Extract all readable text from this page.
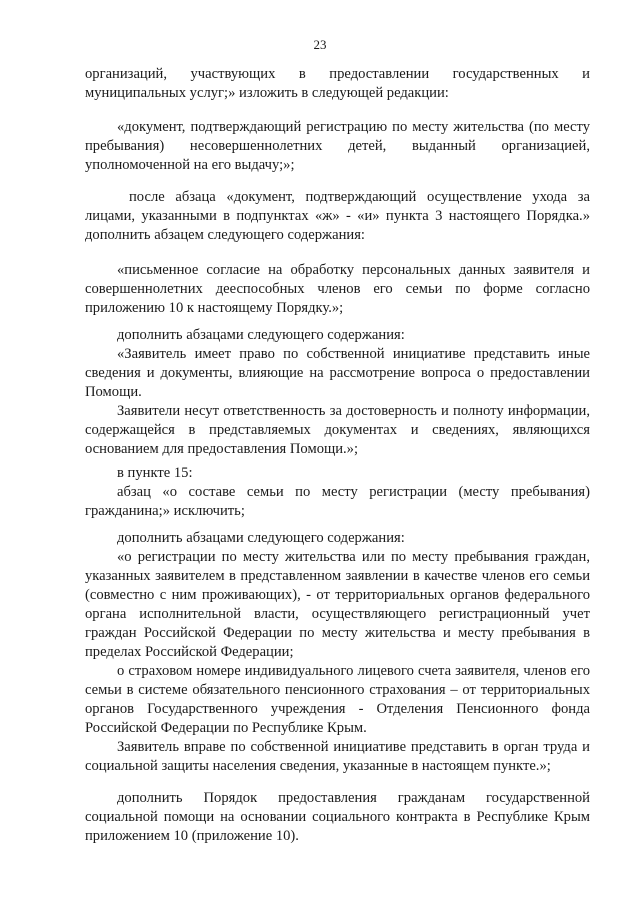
23

организаций, участвующих в предоставлении государственных и муниципальных услуг;» изложить в следующей редакции:

«документ, подтверждающий регистрацию по месту жительства (по месту пребывания) несовершеннолетних детей, выданный организацией, уполномоченной на его выдачу;»;

после абзаца «документ, подтверждающий осуществление ухода за лицами, указанными в подпунктах «ж» - «и» пункта 3 настоящего Порядка.» дополнить абзацем следующего содержания:

«письменное согласие на обработку персональных данных заявителя и совершеннолетних дееспособных членов его семьи по форме согласно приложению 10 к настоящему Порядку.»;

дополнить абзацами следующего содержания:

«Заявитель имеет право по собственной инициативе представить иные сведения и документы, влияющие на рассмотрение вопроса о предоставлении Помощи.

Заявители несут ответственность за достоверность и полноту информации, содержащейся в представляемых документах и сведениях, являющихся основанием для предоставления Помощи.»;

в пункте 15:

абзац «о составе семьи по месту регистрации (месту пребывания) гражданина;» исключить;

дополнить абзацами следующего содержания:

«о регистрации по месту жительства или по месту пребывания граждан, указанных заявителем в представленном заявлении в качестве членов его семьи (совместно с ним проживающих), - от территориальных органов федерального органа исполнительной власти, осуществляющего регистрационный учет граждан Российской Федерации по месту жительства и месту пребывания в пределах Российской Федерации;

о страховом номере индивидуального лицевого счета заявителя, членов его семьи в системе обязательного пенсионного страхования – от территориальных органов Государственного учреждения - Отделения Пенсионного фонда Российской Федерации по Республике Крым.

Заявитель вправе по собственной инициативе представить в орган труда и социальной защиты населения сведения, указанные в настоящем пункте.»;

дополнить Порядок предоставления гражданам государственной социальной помощи на основании социального контракта в Республике Крым приложением 10 (приложение 10).
